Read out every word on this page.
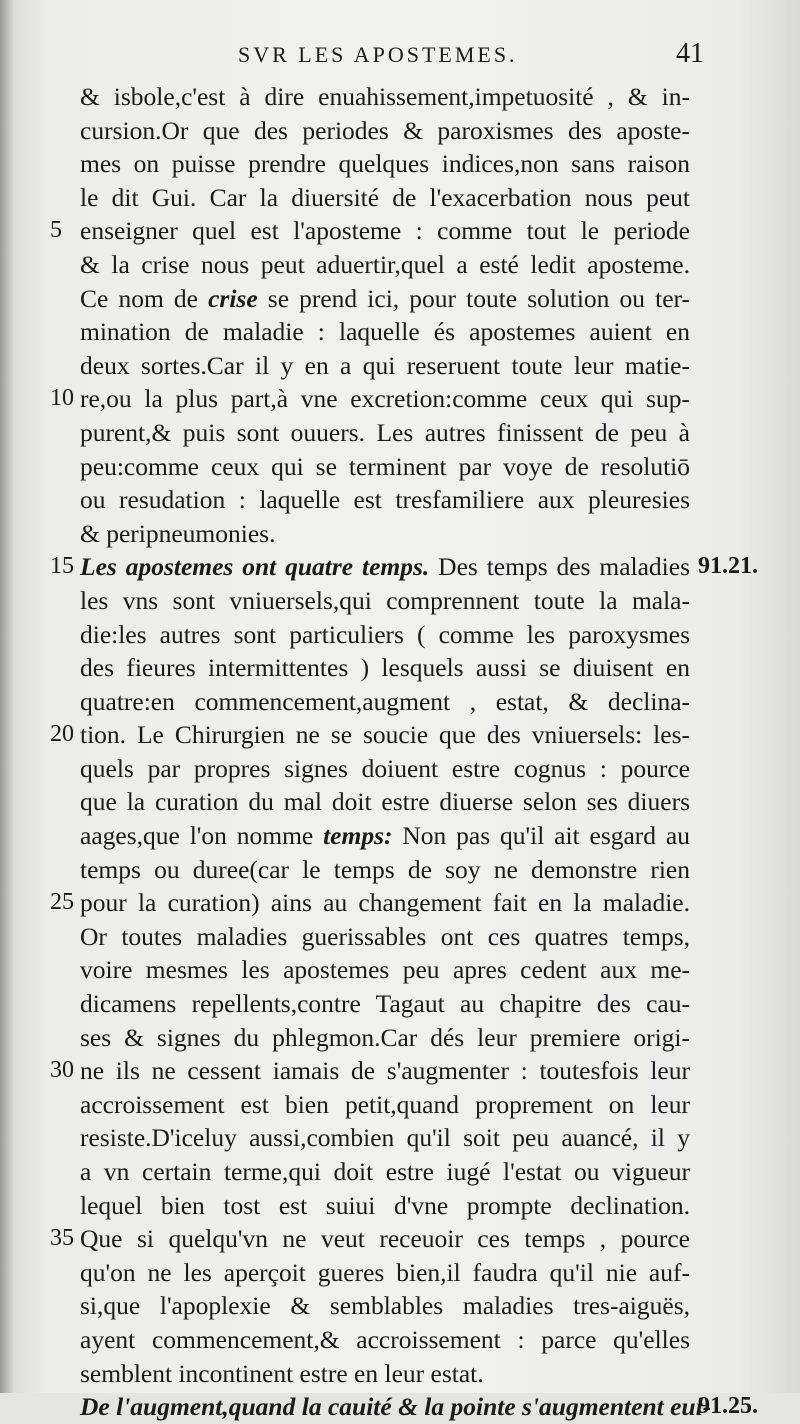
SVR LES APOSTEMES.	41
& isbole,c'est à dire enuahissement,impetuosité , & in-
cursion.Or que des periodes & paroxismes des aposte-
mes on puisse prendre quelques indices,non sans raison
le dit Gui. Car la diuersité de l'exacerbation nous peut
5 enseigner quel est l'aposteme : comme tout le periode
& la crise nous peut aduertir,quel a esté ledit aposteme.
Ce nom de crise se prend ici, pour toute solution ou ter-
mination de maladie : laquelle és apostemes auient en
deux sortes.Car il y en a qui reseruent toute leur matie-
10 re,ou la plus part,à vne excretion:comme ceux qui sup-
purent,& puis sont ouuers. Les autres finissent de peu à
peu:comme ceux qui se terminent par voye de resolutiō
ou resudation : laquelle est tresfamiliere aux pleuresies
& peripneumonies.
15 Les apostemes ont quatre temps. Des temps des maladies 91.21.
les vns sont vniuersels,qui comprennent toute la mala-
die:les autres sont particuliers ( comme les paroxysmes
des fieures intermittentes ) lesquels aussi se diuisent en
quatre:en commencement,augment , estat, & declina-
20 tion. Le Chirurgien ne se soucie que des vniuersels: les-
quels par propres signes doiuent estre cognus : pource
que la curation du mal doit estre diuerse selon ses diuers
aages,que l'on nomme temps: Non pas qu'il ait esgard au
temps ou duree(car le temps de soy ne demonstre rien
25 pour la curation) ains au changement fait en la maladie.
Or toutes maladies guerissables ont ces quatres temps,
voire mesmes les apostemes peu apres cedent aux me-
dicamens repellents,contre Tagaut au chapitre des cau-
ses & signes du phlegmon.Car dés leur premiere origi-
30 ne ils ne cessent iamais de s'augmenter : toutesfois leur
accroissement est bien petit,quand proprement on leur
resiste.D'iceluy aussi,combien qu'il soit peu auancé, il y
a vn certain terme,qui doit estre iugé l'estat ou vigueur
lequel bien tost est suiui d'vne prompte declination.
35 Que si quelqu'vn ne veut receuoir ces temps , pource
qu'on ne les aperçoit gueres bien,il faudra qu'il nie auf-
si,que l'apoplexie & semblables maladies tres-aiguës,
ayent commencement,& accroissement : parce qu'elles
semblent incontinent estre en leur estat.
De l'augment,quand la cauité & la pointe s'augmentent eui-
91.25.
